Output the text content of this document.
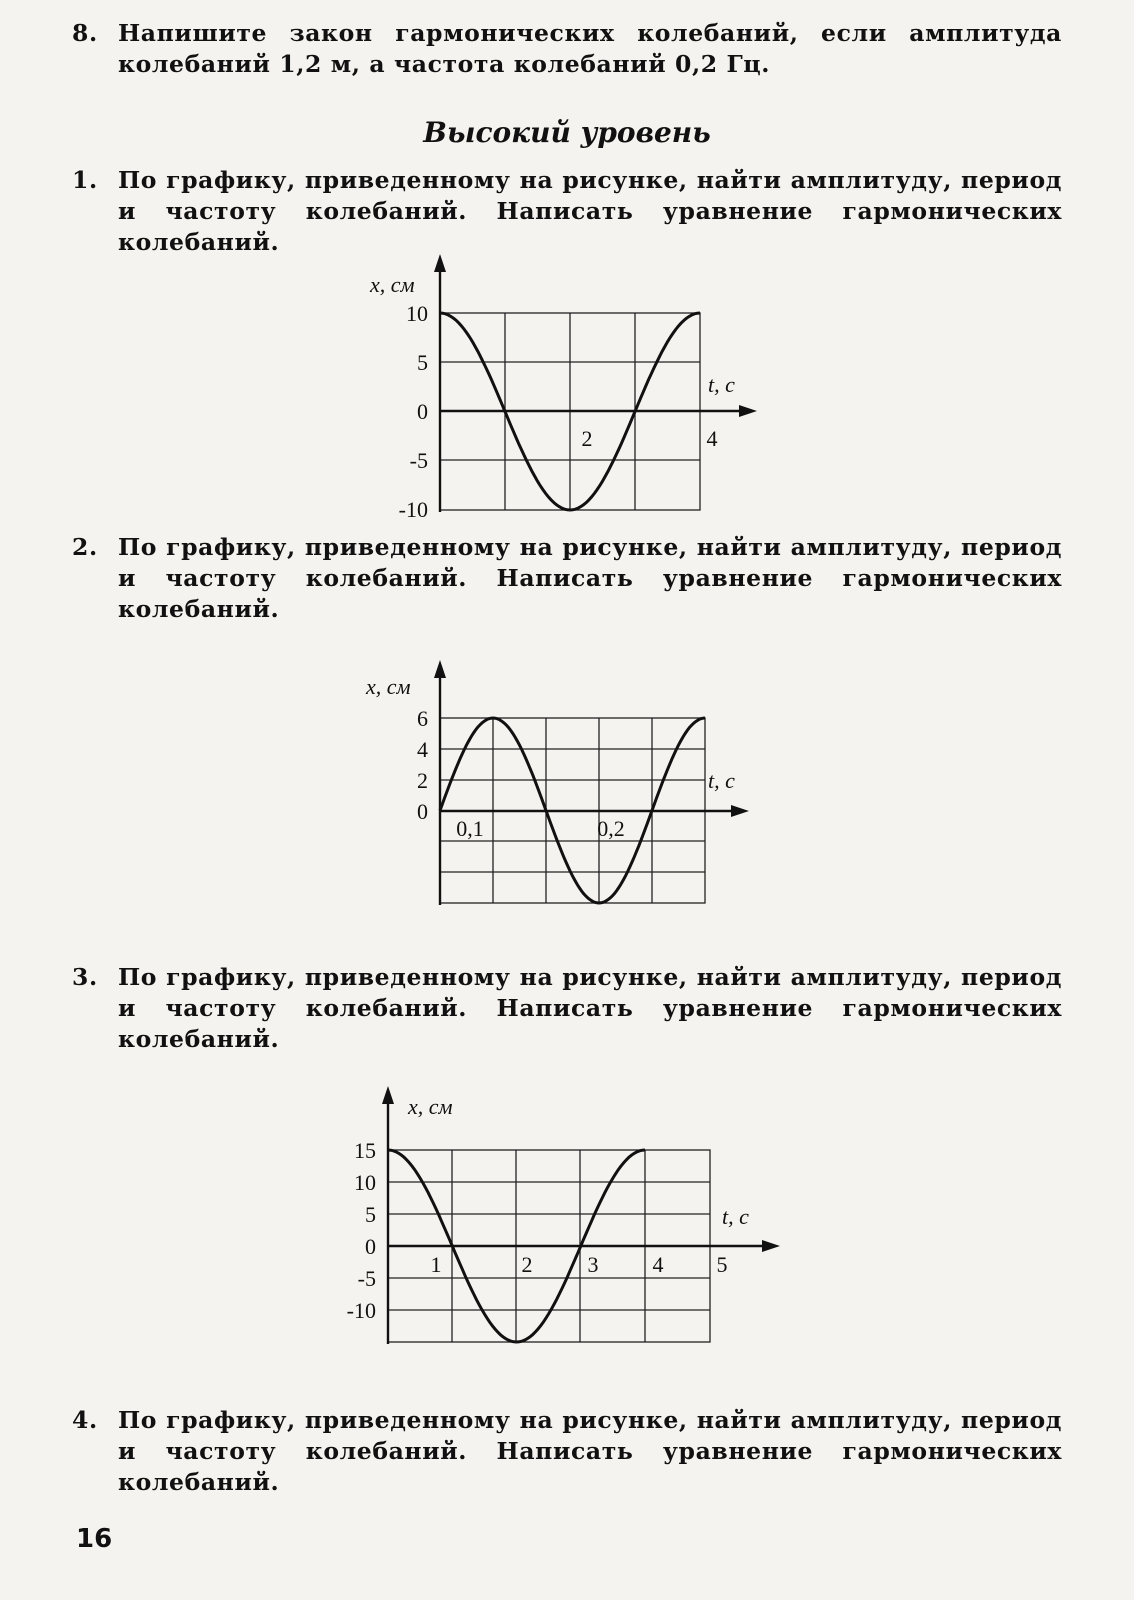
8. Напишите закон гармонических колебаний, если амплитуда колебаний 1,2 м, а частота колебаний 0,2 Гц.
Высокий уровень
1. По графику, приведенному на рисунке, найти амплитуду, период и частоту колебаний. Написать уравнение гармонических колебаний.
x, см
t, c
10
5
0
-5
-10
2	4
2. По графику, приведенному на рисунке, найти амплитуду, период и частоту колебаний. Написать уравнение гармонических колебаний.
x, см
t, c
6
4
2
0
0,1	0,2
3. По графику, приведенному на рисунке, найти амплитуду, период и частоту колебаний. Написать уравнение гармонических колебаний.
x, см
t, c
15
10
5
0
-5
-10
1	2	3 4 5
4. По графику, приведенному на рисунке, найти амплитуду, период и частоту колебаний. Написать уравнение гармонических колебаний.
16
